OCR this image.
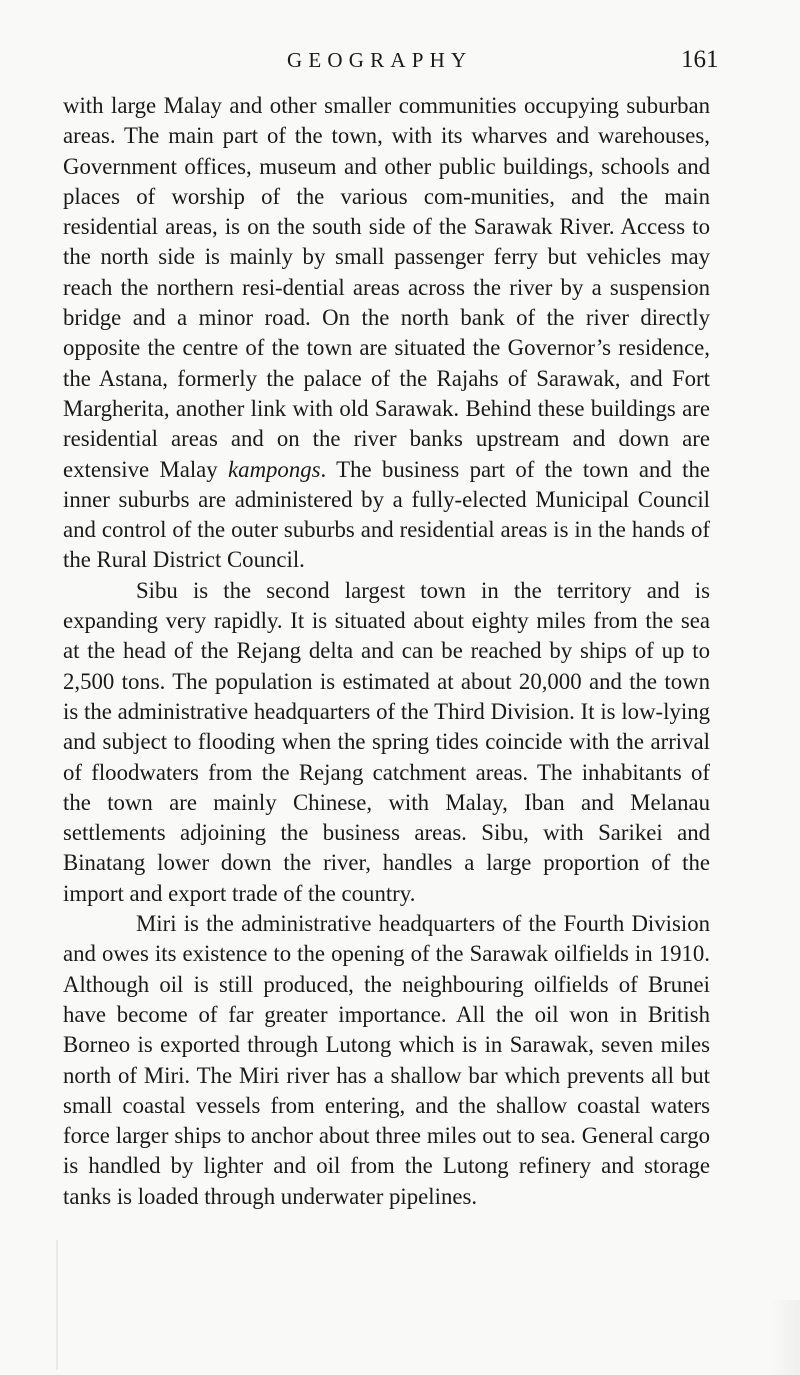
GEOGRAPHY	161

with large Malay and other smaller communities occupying suburban areas. The main part of the town, with its wharves and warehouses, Government offices, museum and other public buildings, schools and places of worship of the various com-munities, and the main residential areas, is on the south side of the Sarawak River. Access to the north side is mainly by small passenger ferry but vehicles may reach the northern resi-dential areas across the river by a suspension bridge and a minor road. On the north bank of the river directly opposite the centre of the town are situated the Governor’s residence, the Astana, formerly the palace of the Rajahs of Sarawak, and Fort Margherita, another link with old Sarawak. Behind these buildings are residential areas and on the river banks upstream and down are extensive Malay kampongs. The business part of the town and the inner suburbs are administered by a fully-elected Municipal Council and control of the outer suburbs and residential areas is in the hands of the Rural District Council.

Sibu is the second largest town in the territory and is expanding very rapidly. It is situated about eighty miles from the sea at the head of the Rejang delta and can be reached by ships of up to 2,500 tons. The population is estimated at about 20,000 and the town is the administrative headquarters of the Third Division. It is low-lying and subject to flooding when the spring tides coincide with the arrival of floodwaters from the Rejang catchment areas. The inhabitants of the town are mainly Chinese, with Malay, Iban and Melanau settlements adjoining the business areas. Sibu, with Sarikei and Binatang lower down the river, handles a large proportion of the import and export trade of the country.

Miri is the administrative headquarters of the Fourth Division and owes its existence to the opening of the Sarawak oilfields in 1910. Although oil is still produced, the neighbouring oilfields of Brunei have become of far greater importance. All the oil won in British Borneo is exported through Lutong which is in Sarawak, seven miles north of Miri. The Miri river has a shallow bar which prevents all but small coastal vessels from entering, and the shallow coastal waters force larger ships to anchor about three miles out to sea. General cargo is handled by lighter and oil from the Lutong refinery and storage tanks is loaded through underwater pipelines.
